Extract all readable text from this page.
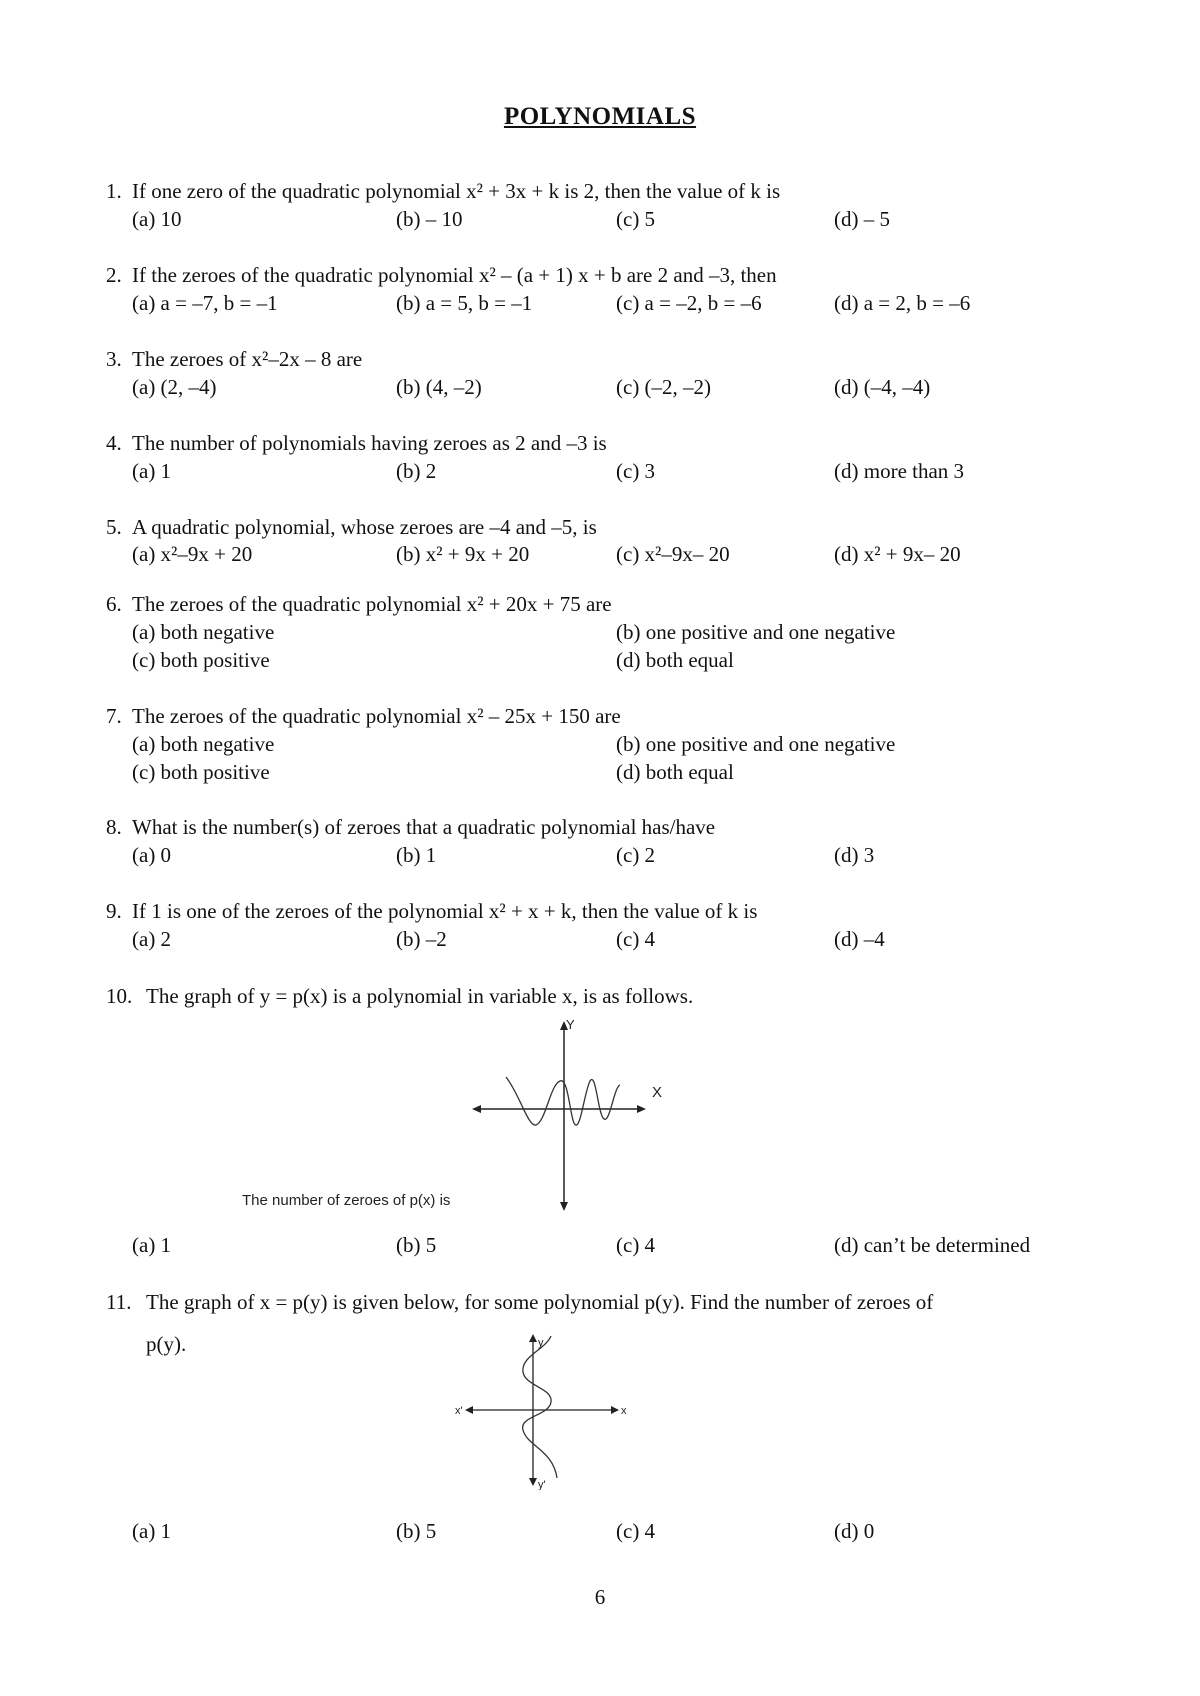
POLYNOMIALS
1. If one zero of the quadratic polynomial x² + 3x + k is 2, then the value of k is
(a) 10	(b) – 10	(c) 5	(d) – 5
2. If the zeroes of the quadratic polynomial x² – (a + 1) x + b are 2 and –3, then
(a) a = –7, b = –1	(b) a = 5, b = –1	(c) a = –2, b = –6	(d) a = 2, b = –6
3. The zeroes of x²–2x – 8 are
(a) (2, –4)	(b) (4, –2)	(c) (–2, –2)	(d) (–4, –4)
4. The number of polynomials having zeroes as 2 and –3 is
(a) 1	(b) 2	(c) 3	(d) more than 3
5. A quadratic polynomial, whose zeroes are –4 and –5, is
(a) x²–9x + 20	(b) x² + 9x + 20	(c) x²–9x– 20	(d) x² + 9x– 20
6. The zeroes of the quadratic polynomial x² + 20x + 75 are
(a) both negative	(b) one positive and one negative
(c) both positive	(d) both equal
7. The zeroes of the quadratic polynomial x² – 25x + 150 are
(a) both negative	(b) one positive and one negative
(c) both positive	(d) both equal
8. What is the number(s) of zeroes that a quadratic polynomial has/have
(a) 0	(b) 1	(c) 2	(d) 3
9. If 1 is one of the zeroes of the polynomial x² + x + k, then the value of k is
(a) 2	(b) –2	(c) 4	(d) –4
10. The graph of y = p(x) is a polynomial in variable x, is as follows.
Y
X
The number of zeroes of p(x) is
(a) 1	(b) 5	(c) 4	(d) can’t be determined
11. The graph of x = p(y) is given below, for some polynomial p(y). Find the number of zeroes of
p(y).	y
y'
x'	x
(a) 1	(b) 5	(c) 4	(d) 0
6
